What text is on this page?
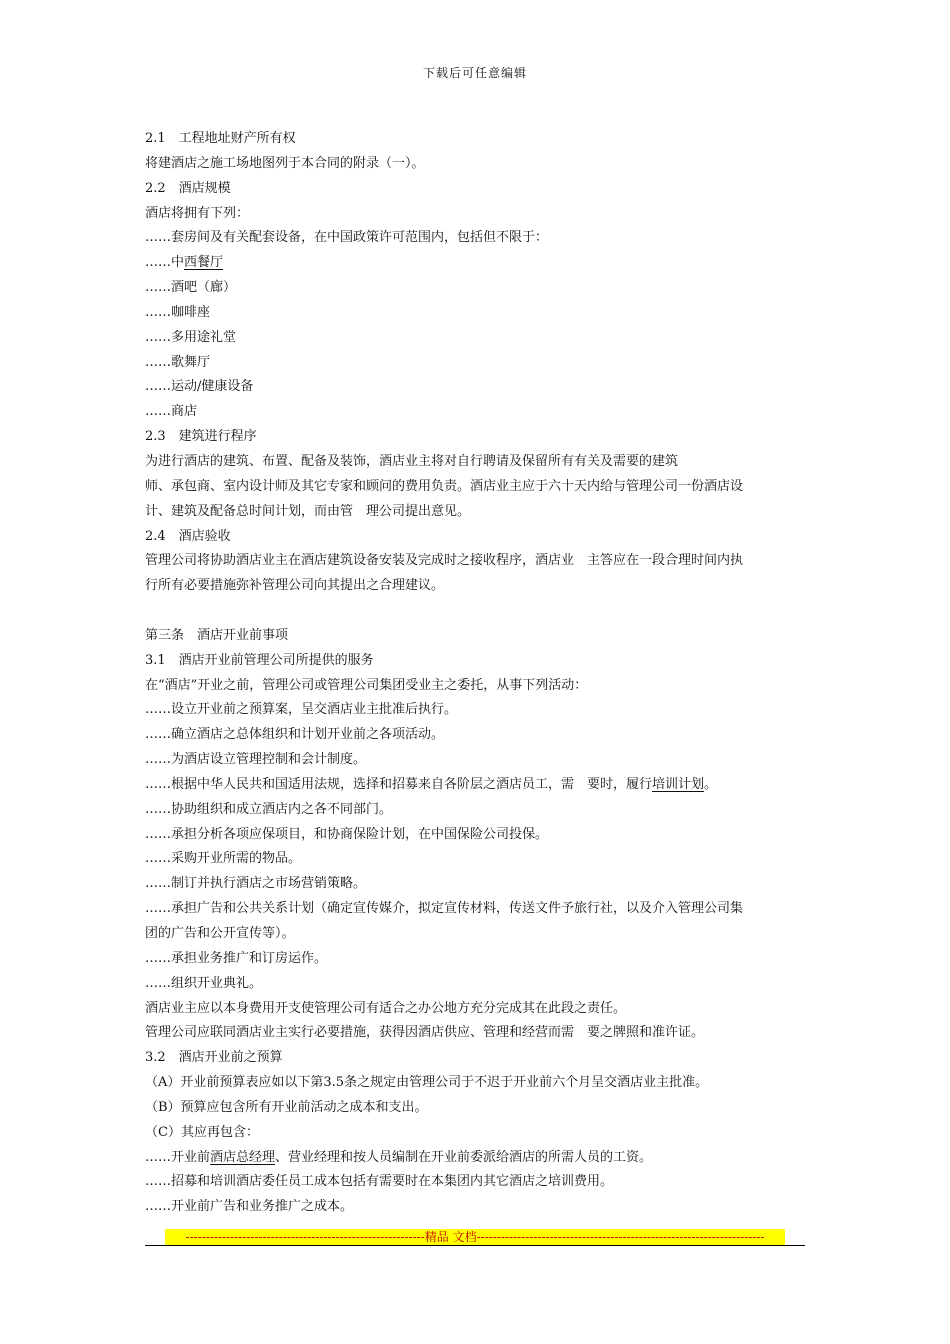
下载后可任意编辑
2.1　工程地址财产所有权
将建酒店之施工场地图列于本合同的附录（一）。
2.2　酒店规模
酒店将拥有下列：
……套房间及有关配套设备，在中国政策许可范围内，包括但不限于：
……中西餐厅
……酒吧（廊）
……咖啡座
……多用途礼堂
……歌舞厅
……运动/健康设备
……商店
2.3　建筑进行程序
为进行酒店的建筑、布置、配备及装饰，酒店业主将对自行聘请及保留所有有关及需要的建筑
师、承包商、室内设计师及其它专家和顾问的费用负责。酒店业主应于六十天内给与管理公司一份酒店设
计、建筑及配备总时间计划，而由管　理公司提出意见。
2.4　酒店验收
管理公司将协助酒店业主在酒店建筑设备安装及完成时之接收程序，酒店业　主答应在一段合理时间内执
行所有必要措施弥补管理公司向其提出之合理建议。
第三条　酒店开业前事项
3.1　酒店开业前管理公司所提供的服务
在“酒店”开业之前，管理公司或管理公司集团受业主之委托，从事下列活动：
……设立开业前之预算案，呈交酒店业主批准后执行。
……确立酒店之总体组织和计划开业前之各项活动。
……为酒店设立管理控制和会计制度。
……根据中华人民共和国适用法规，选择和招募来自各阶层之酒店员工，需　要时，履行培训计划。
……协助组织和成立酒店内之各不同部门。
……承担分析各项应保项目，和协商保险计划，在中国保险公司投保。
……采购开业所需的物品。
……制订并执行酒店之市场营销策略。
……承担广告和公共关系计划（确定宣传媒介，拟定宣传材料，传送文件予旅行社，以及介入管理公司集
团的广告和公开宣传等）。
……承担业务推广和订房运作。
……组织开业典礼。
酒店业主应以本身费用开支使管理公司有适合之办公地方充分完成其在此段之责任。
管理公司应联同酒店业主实行必要措施，获得因酒店供应、管理和经营而需　要之牌照和准许证。
3.2　酒店开业前之预算
（A）开业前预算表应如以下第3.5条之规定由管理公司于不迟于开业前六个月呈交酒店业主批准。
（B）预算应包含所有开业前活动之成本和支出。
（C）其应再包含：
……开业前酒店总经理、营业经理和按人员编制在开业前委派给酒店的所需人员的工资。
……招募和培训酒店委任员工成本包括有需要时在本集团内其它酒店之培训费用。
……开业前广告和业务推广之成本。
-----------------------------------------------------------精品 文档-----------------------------------------------------------------------
